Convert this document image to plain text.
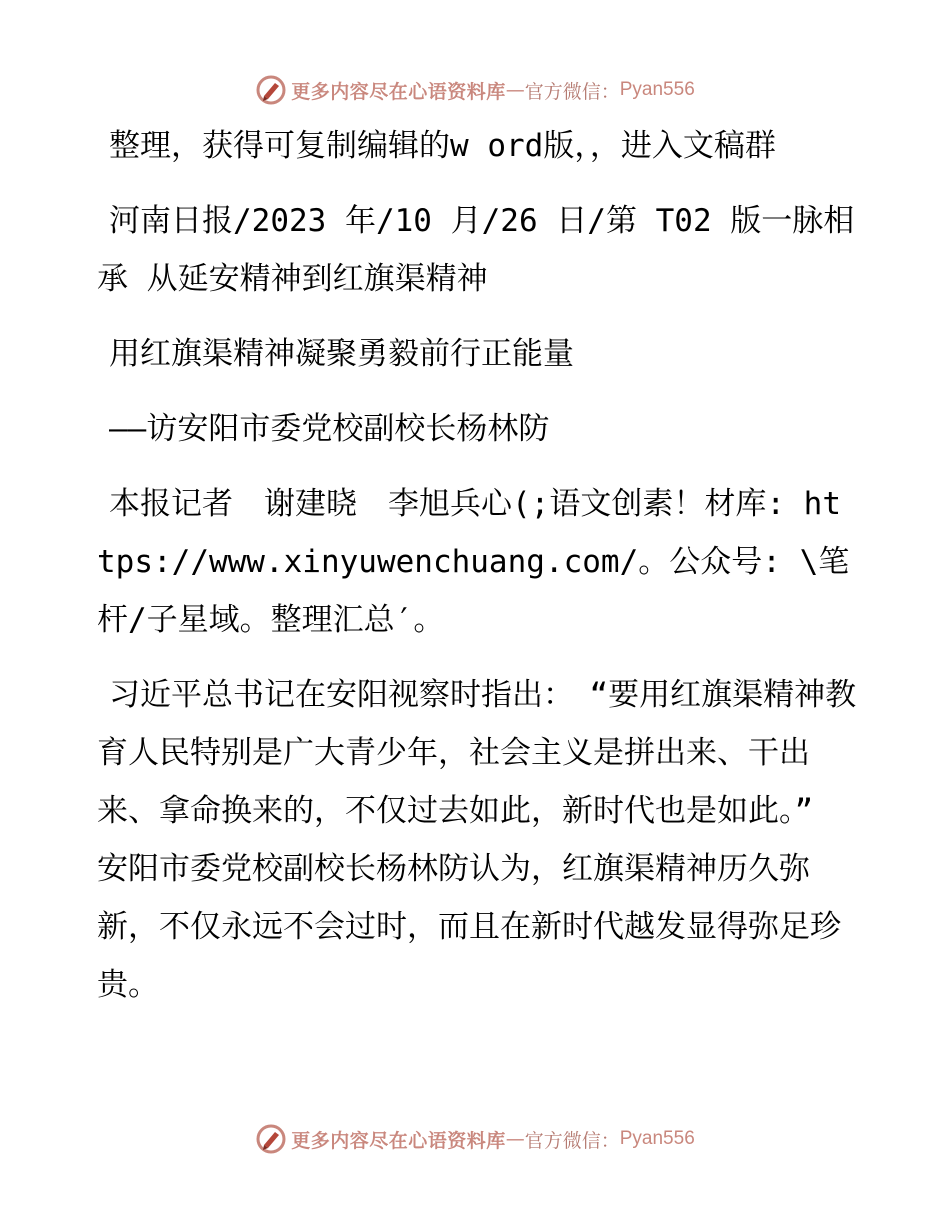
更多内容尽在心语资料库 — 官方微信： Pyan556

整理，获得可复制编辑的w ord版，，进入文稿群

河南日报/2023 年/10 月/26 日/第 T02 版一脉相承 从延安精神到红旗渠精神

用红旗渠精神凝聚勇毅前行正能量

——访安阳市委党校副校长杨林防

本报记者　谢建晓　李旭兵心(;语文创素！材库: https://www.xinyuwenchuang.com/。公众号: \笔杆/子星域。整理汇总′。

习近平总书记在安阳视察时指出：　“要用红旗渠精神教育人民特别是广大青少年，社会主义是拼出来、干出来、拿命换来的，不仅过去如此，新时代也是如此。”　安阳市委党校副校长杨林防认为，红旗渠精神历久弥新，不仅永远不会过时，而且在新时代越发显得弥足珍贵。

更多内容尽在心语资料库 — 官方微信： Pyan556
